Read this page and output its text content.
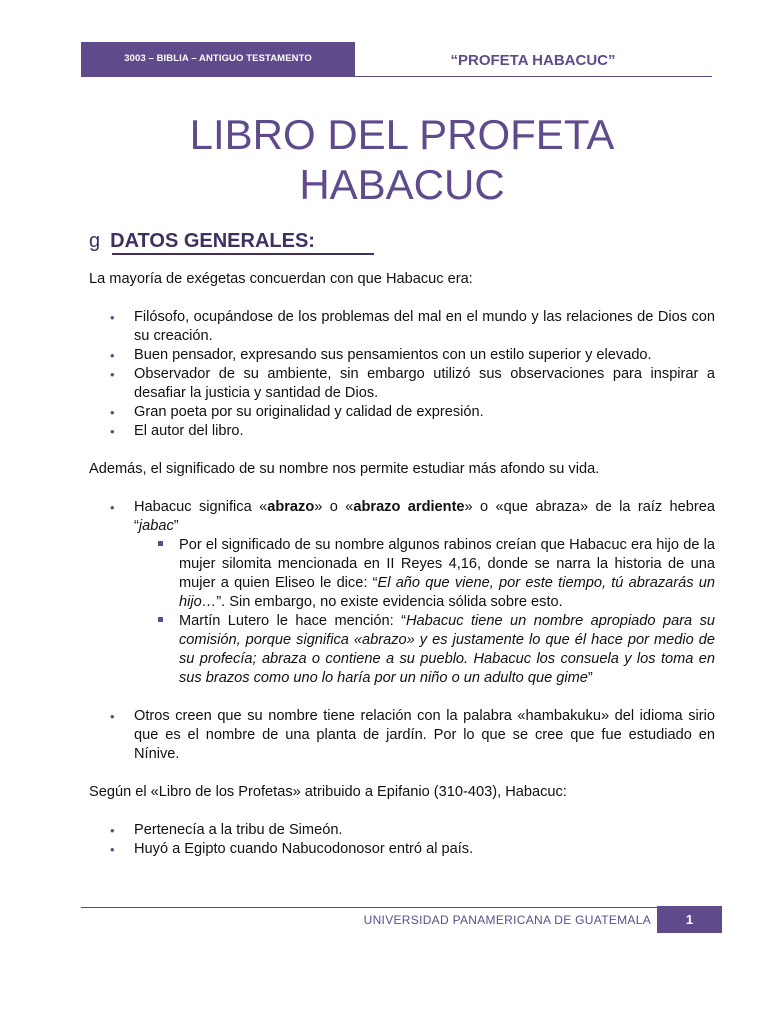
3003 – BIBLIA – ANTIGUO TESTAMENTO	“PROFETA HABACUC”
LIBRO DEL PROFETA
HABACUC
g DATOS GENERALES:

La mayoría de exégetas concuerdan con que Habacuc era:

• Filósofo, ocupándose de los problemas del mal en el mundo y las relaciones de Dios con su creación.
• Buen pensador, expresando sus pensamientos con un estilo superior y elevado.
• Observador de su ambiente, sin embargo utilizó sus observaciones para inspirar a desafiar la justicia y santidad de Dios.
• Gran poeta por su originalidad y calidad de expresión.
• El autor del libro.

Además, el significado de su nombre nos permite estudiar más afondo su vida.

• Habacuc significa «abrazo» o «abrazo ardiente» o «que abraza» de la raíz hebrea “jabac”
Por el significado de su nombre algunos rabinos creían que Habacuc era hijo de la mujer silomita mencionada en II Reyes 4,16, donde se narra la historia de una mujer a quien Eliseo le dice: “El año que viene, por este tiempo, tú abrazarás un hijo…”. Sin embargo, no existe evidencia sólida sobre esto.
Martín Lutero le hace mención: “Habacuc tiene un nombre apropiado para su comisión, porque significa «abrazo» y es justamente lo que él hace por medio de su profecía; abraza o contiene a su pueblo. Habacuc los consuela y los toma en sus brazos como uno lo haría por un niño o un adulto que gime”
• Otros creen que su nombre tiene relación con la palabra «hambakuku» del idioma sirio que es el nombre de una planta de jardín. Por lo que se cree que fue estudiado en Nínive.

Según el «Libro de los Profetas» atribuido a Epifanio (310-403), Habacuc:

• Pertenecía a la tribu de Simeón.
• Huyó a Egipto cuando Nabucodonosor entró al país.
UNIVERSIDAD PANAMERICANA DE GUATEMALA	1
